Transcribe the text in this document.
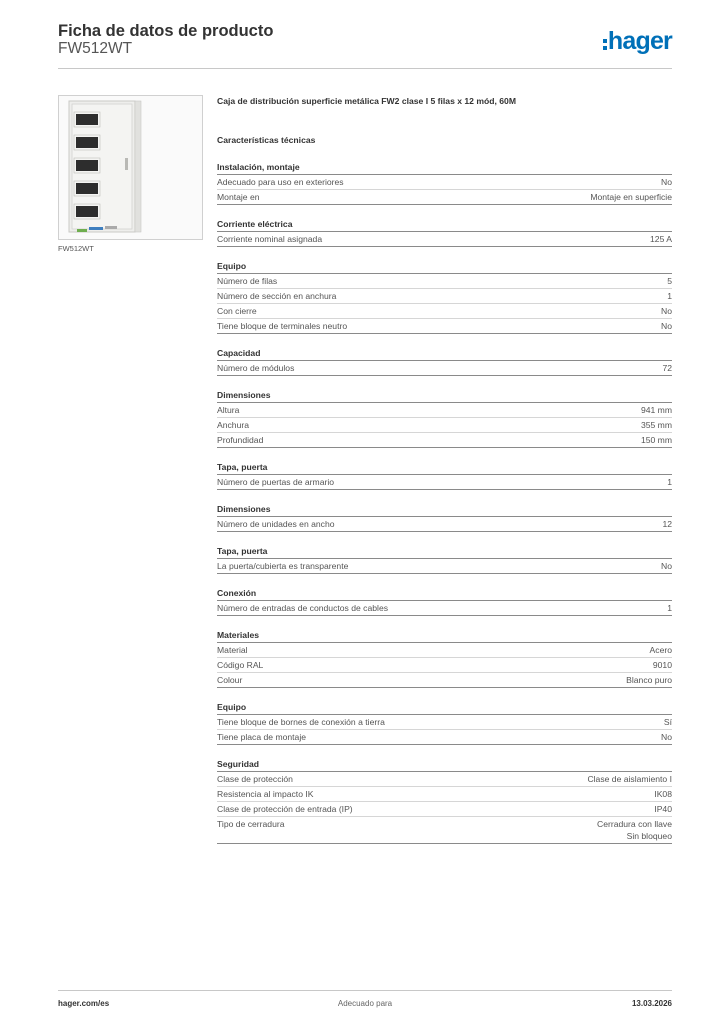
Ficha de datos de producto
FW512WT	hager
FW512WT
Caja de distribución superficie metálica FW2 clase I 5 filas x 12 mód, 60M
Características técnicas
Instalación, montaje
Adecuado para uso en exteriores	No
Montaje en	Montaje en superficie
Corriente eléctrica
Corriente nominal asignada	125 A
Equipo
Número de filas	5
Número de sección en anchura	1
Con cierre	No
Tiene bloque de terminales neutro	No
Capacidad
Número de módulos	72
Dimensiones
Altura	941 mm
Anchura	355 mm
Profundidad	150 mm
Tapa, puerta
Número de puertas de armario	1
Dimensiones
Número de unidades en ancho	12
Tapa, puerta
La puerta/cubierta es transparente	No
Conexión
Número de entradas de conductos de cables	1
Materiales
Material	Acero
Código RAL	9010
Colour	Blanco puro
Equipo
Tiene bloque de bornes de conexión a tierra	Sí
Tiene placa de montaje	No
Seguridad
Clase de protección	Clase de aislamiento I
Resistencia al impacto IK	IK08
Clase de protección de entrada (IP)	IP40
Tipo de cerradura	Cerradura con llave
Sin bloqueo
hager.com/es	Adecuado para	13.03.2026
